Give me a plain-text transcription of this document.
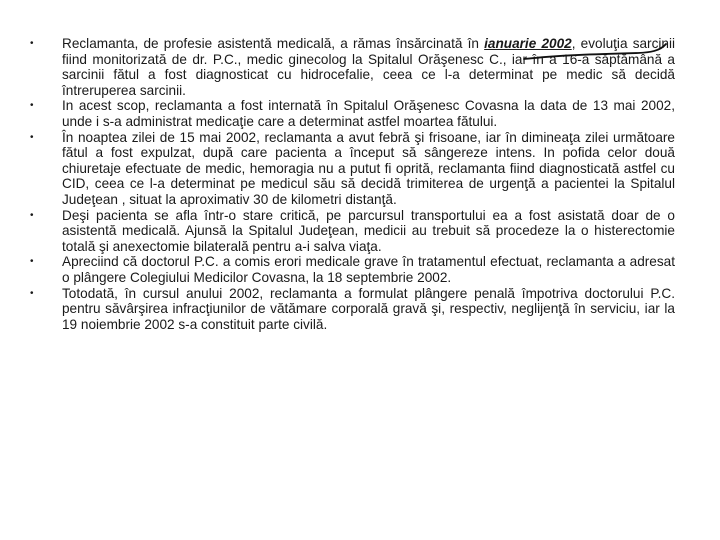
•	Reclamanta, de profesie asistentă medicală, a rămas însărcinată în ianuarie 2002, evoluţia sarcinii fiind monitorizată de dr. P.C., medic ginecolog la Spitalul Orăşenesc C., iar în a 16-a săptămână a sarcinii fătul a fost diagnosticat cu hidrocefalie, ceea ce l-a determinat pe medic să decidă întreruperea sarcinii.
•	In acest scop, reclamanta a fost internată în Spitalul Orăşenesc Covasna la data de 13 mai 2002, unde i s-a administrat medicaţie care a determinat astfel moartea fătului.
•	În noaptea zilei de 15 mai 2002, reclamanta a avut febră şi frisoane, iar în dimineaţa zilei următoare fătul a fost expulzat, după care pacienta a început să sângereze intens. In pofida celor două chiuretaje efectuate de medic, hemoragia nu a putut fi oprită, reclamanta fiind diagnosticată astfel cu CID, ceea ce l-a determinat pe medicul său să decidă trimiterea de urgenţă a pacientei la Spitalul Judeţean , situat la aproximativ 30 de kilometri distanţă.
•	Deşi pacienta se afla într-o stare critică, pe parcursul transportului ea a fost asistată doar de o asistentă medicală. Ajunsă la Spitalul Judeţean, medicii au trebuit să procedeze la o histerectomie totală şi anexectomie bilaterală pentru a-i salva viaţa.
•	Apreciind că doctorul P.C. a comis erori medicale grave în tratamentul efectuat, reclamanta a adresat o plângere Colegiului Medicilor Covasna, la 18 septembrie 2002.
•	Totodată, în cursul anului 2002, reclamanta a formulat plângere penală împotriva doctorului P.C. pentru săvârşirea infracţiunilor de vătămare corporală gravă şi, respectiv, neglijenţă în serviciu, iar la 19 noiembrie 2002 s-a constituit parte civilă.
